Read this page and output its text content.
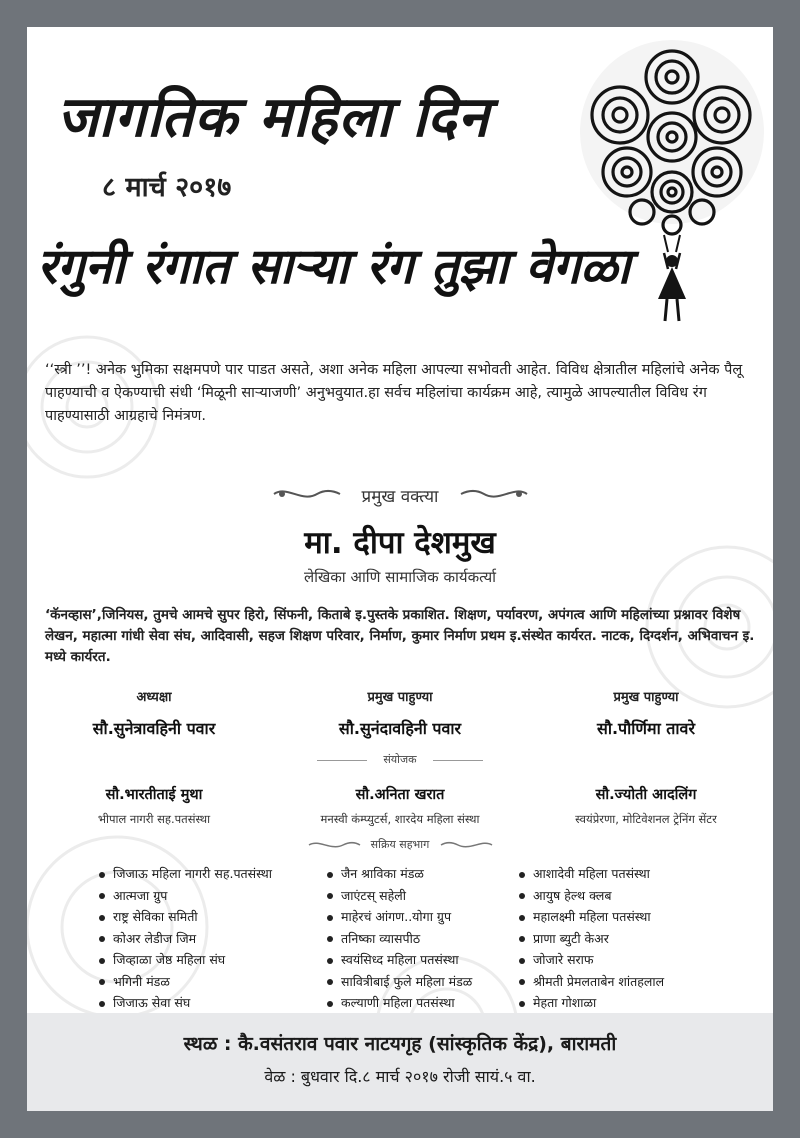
जागतिक महिला दिन
८ मार्च २०१७
रंगुनी रंगात साऱ्या रंग तुझा वेगळा
‘‘स्त्री ’’! अनेक भुमिका सक्षमपणे पार पाडत असते, अशा अनेक महिला आपल्या सभोवती आहेत. विविध क्षेत्रातील महिलांचे अनेक पैलू पाहण्याची व ऐकण्याची संधी ‘मिळूनी साऱ्याजणी’ अनुभवुयात.हा सर्वच महिलांचा कार्यक्रम आहे, त्यामुळे आपल्यातील विविध रंग पाहण्यासाठी आग्रहाचे निमंत्रण.
प्रमुख वक्त्या
मा. दीपा देशमुख
लेखिका आणि सामाजिक कार्यकर्त्या
‘कॅनव्हास’,जिनियस, तुमचे आमचे सुपर हिरो, सिंफनी, किताबे इ.पुस्तके प्रकाशित. शिक्षण, पर्यावरण, अपंगत्व आणि महिलांच्या प्रश्नावर विशेष लेखन, महात्मा गांधी सेवा संघ, आदिवासी, सहज शिक्षण परिवार, निर्माण, कुमार निर्माण प्रथम इ.संस्थेत कार्यरत. नाटक, दिग्दर्शन, अभिवाचन इ. मध्ये कार्यरत.
अध्यक्षा	प्रमुख पाहुण्या	प्रमुख पाहुण्या
सौ.सुनेत्रावहिनी पवार	सौ.सुनंदावहिनी पवार	सौ.पौर्णिमा तावरे
संयोजक
सौ.भारतीताई मुथा	सौ.अनिता खरात	सौ.ज्योती आदलिंग
भीपाल नागरी सह.पतसंस्था	मनस्वी कंम्प्युटर्स, शारदेय महिला संस्था	स्वयंप्रेरणा, मोटिवेशनल ट्रेनिंग सेंटर
सक्रिय सहभाग
जिजाऊ महिला नागरी सह.पतसंस्था
आत्मजा ग्रुप
राष्ट्र सेविका समिती
कोअर लेडीज जिम
जिव्हाळा जेष्ठ महिला संघ
भगिनी मंडळ
जिजाऊ सेवा संघ
जैन श्राविका मंडळ
जाएंटस् सहेली
माहेरचं आंगण..योगा ग्रुप
तनिष्का व्यासपीठ
स्वयंसिध्द महिला पतसंस्था
सावित्रीबाई फुले महिला मंडळ
कल्याणी महिला पतसंस्था
आशादेवी महिला पतसंस्था
आयुष हेल्थ क्लब
महालक्ष्मी महिला पतसंस्था
प्राणा ब्युटी केअर
जोजारे सराफ
श्रीमती प्रेमलताबेन शांतहलाल
मेहता गोशाळा
स्थळ : कै.वसंतराव पवार नाटयगृह (सांस्कृतिक केंद्र), बारामती
वेळ : बुधवार दि.८ मार्च २०१७ रोजी सायं.५ वा.
